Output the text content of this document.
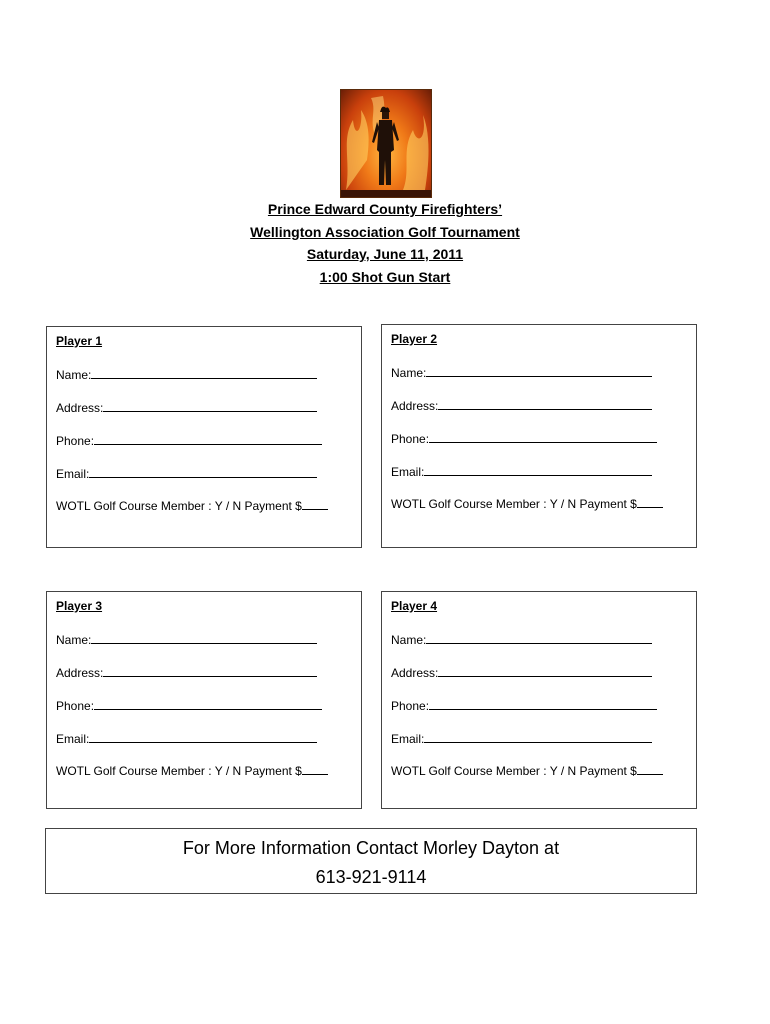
Prince Edward County Firefighters’
Wellington Association Golf Tournament
Saturday, June 11, 2011
1:00 Shot Gun Start
Player 1
Name:
Address:
Phone:
Email:
WOTL Golf Course Member : Y / N Payment $
Player 2
Name:
Address:
Phone:
Email:
WOTL Golf Course Member : Y / N Payment $
Player 3
Name:
Address:
Phone:
Email:
WOTL Golf Course Member : Y / N Payment $
Player 4
Name:
Address:
Phone:
Email:
WOTL Golf Course Member : Y / N Payment $
For More Information Contact Morley Dayton at
613-921-9114
